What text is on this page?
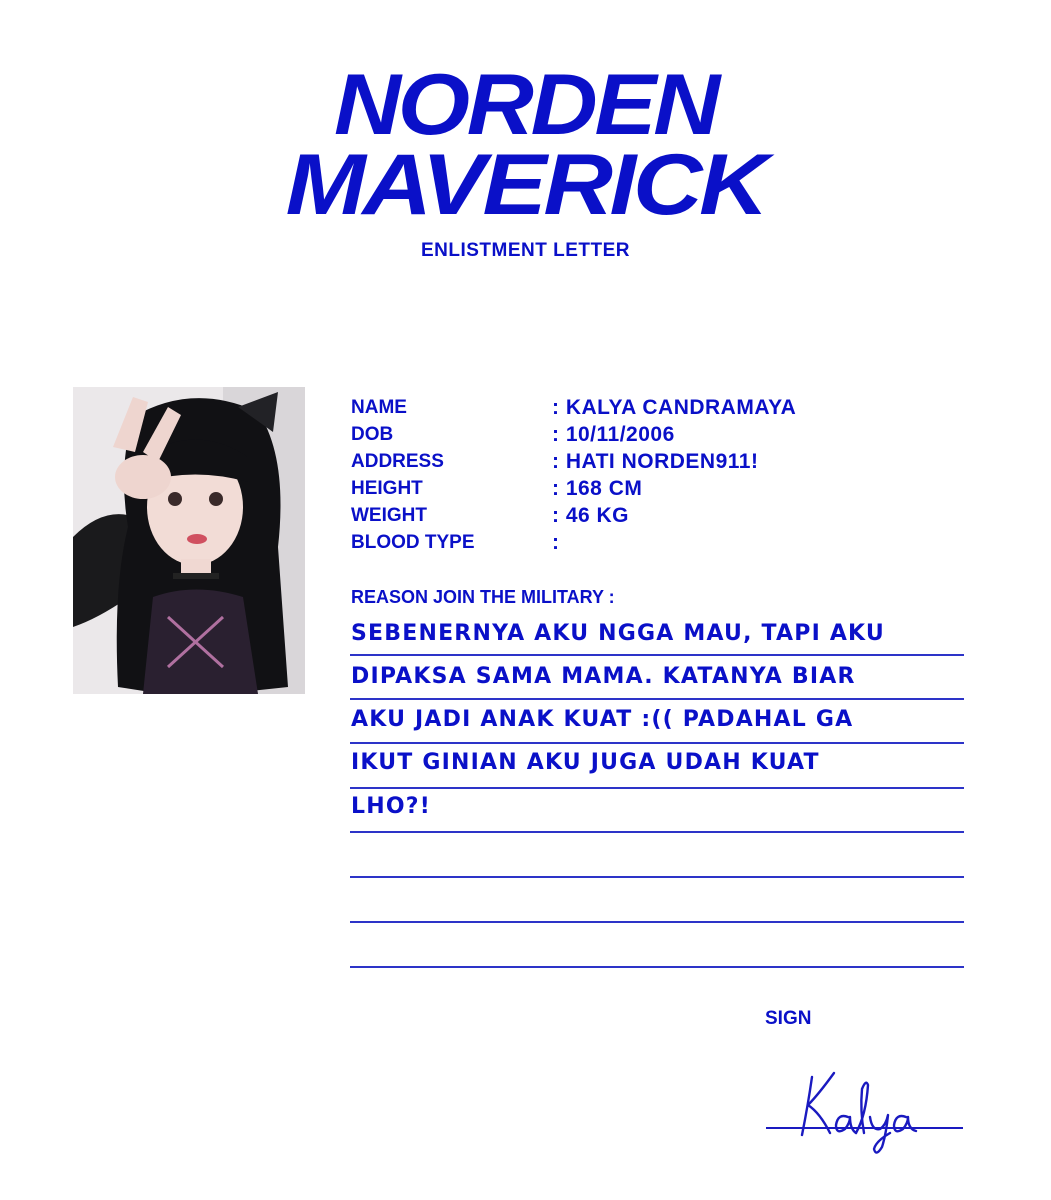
NORDEN
MAVERICK
ENLISTMENT LETTER
NAME	: KALYA CANDRAMAYA
DOB	: 10/11/2006
ADDRESS	: HATI NORDEN911!
HEIGHT	: 168 CM
WEIGHT	: 46 KG
BLOOD TYPE	:
REASON JOIN THE MILITARY :
SEBENERNYA AKU NGGA MAU, TAPI AKU
DIPAKSA SAMA MAMA. KATANYA BIAR
AKU JADI ANAK KUAT :(( PADAHAL GA
IKUT GINIAN AKU JUGA UDAH KUAT
LHO?!
SIGN
